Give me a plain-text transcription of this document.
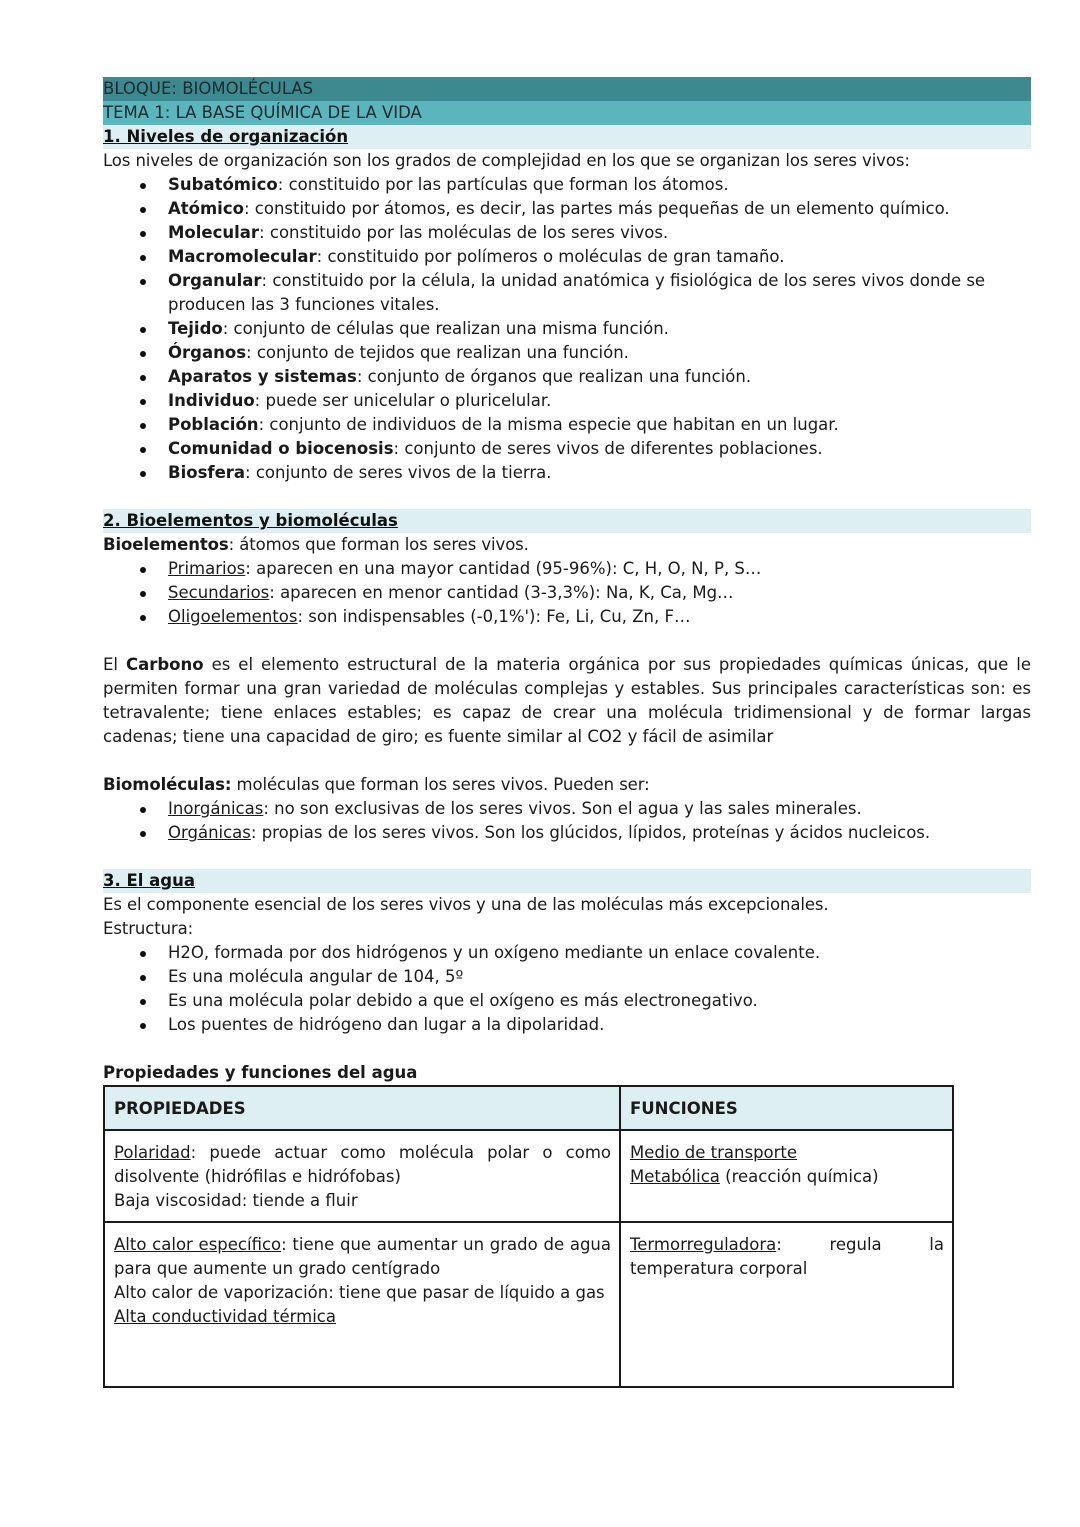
BLOQUE: BIOMOLÉCULAS
TEMA 1: LA BASE QUÍMICA DE LA VIDA
1. Niveles de organización
Los niveles de organización son los grados de complejidad en los que se organizan los seres vivos:
Subatómico: constituido por las partículas que forman los átomos.
Atómico: constituido por átomos, es decir, las partes más pequeñas de un elemento químico.
Molecular: constituido por las moléculas de los seres vivos.
Macromolecular: constituido por polímeros o moléculas de gran tamaño.
Organular: constituido por la célula, la unidad anatómica y fisiológica de los seres vivos donde se producen las 3 funciones vitales.
Tejido: conjunto de células que realizan una misma función.
Órganos: conjunto de tejidos que realizan una función.
Aparatos y sistemas: conjunto de órganos que realizan una función.
Individuo: puede ser unicelular o pluricelular.
Población: conjunto de individuos de la misma especie que habitan en un lugar.
Comunidad o biocenosis: conjunto de seres vivos de diferentes poblaciones.
Biosfera: conjunto de seres vivos de la tierra.
2. Bioelementos y biomoléculas
Bioelementos: átomos que forman los seres vivos.
Primarios: aparecen en una mayor cantidad (95-96%): C, H, O, N, P, S…
Secundarios: aparecen en menor cantidad (3-3,3%): Na, K, Ca, Mg…
Oligoelementos: son indispensables (-0,1%'): Fe, Li, Cu, Zn, F…
El Carbono es el elemento estructural de la materia orgánica por sus propiedades químicas únicas, que le permiten formar una gran variedad de moléculas complejas y estables. Sus principales características son: es tetravalente; tiene enlaces estables; es capaz de crear una molécula tridimensional y de formar largas cadenas; tiene una capacidad de giro; es fuente similar al CO2 y fácil de asimilar
Biomoléculas: moléculas que forman los seres vivos. Pueden ser:
Inorgánicas: no son exclusivas de los seres vivos. Son el agua y las sales minerales.
Orgánicas: propias de los seres vivos. Son los glúcidos, lípidos, proteínas y ácidos nucleicos.
3. El agua
Es el componente esencial de los seres vivos y una de las moléculas más excepcionales.
Estructura:
H2O, formada por dos hidrógenos y un oxígeno mediante un enlace covalente.
Es una molécula angular de 104, 5º
Es una molécula polar debido a que el oxígeno es más electronegativo.
Los puentes de hidrógeno dan lugar a la dipolaridad.
Propiedades y funciones del agua
PROPIEDADES	FUNCIONES

Polaridad: puede actuar como molécula polar o como disolvente (hidrófilas e hidrófobas)
Baja viscosidad: tiende a fluir	Medio de transporte
Metabólica (reacción química)

Alto calor específico: tiene que aumentar un grado de agua para que aumente un grado centígrado
Alto calor de vaporización: tiene que pasar de líquido a gas
Alta conductividad térmica	Termorreguladora: regula la temperatura corporal
